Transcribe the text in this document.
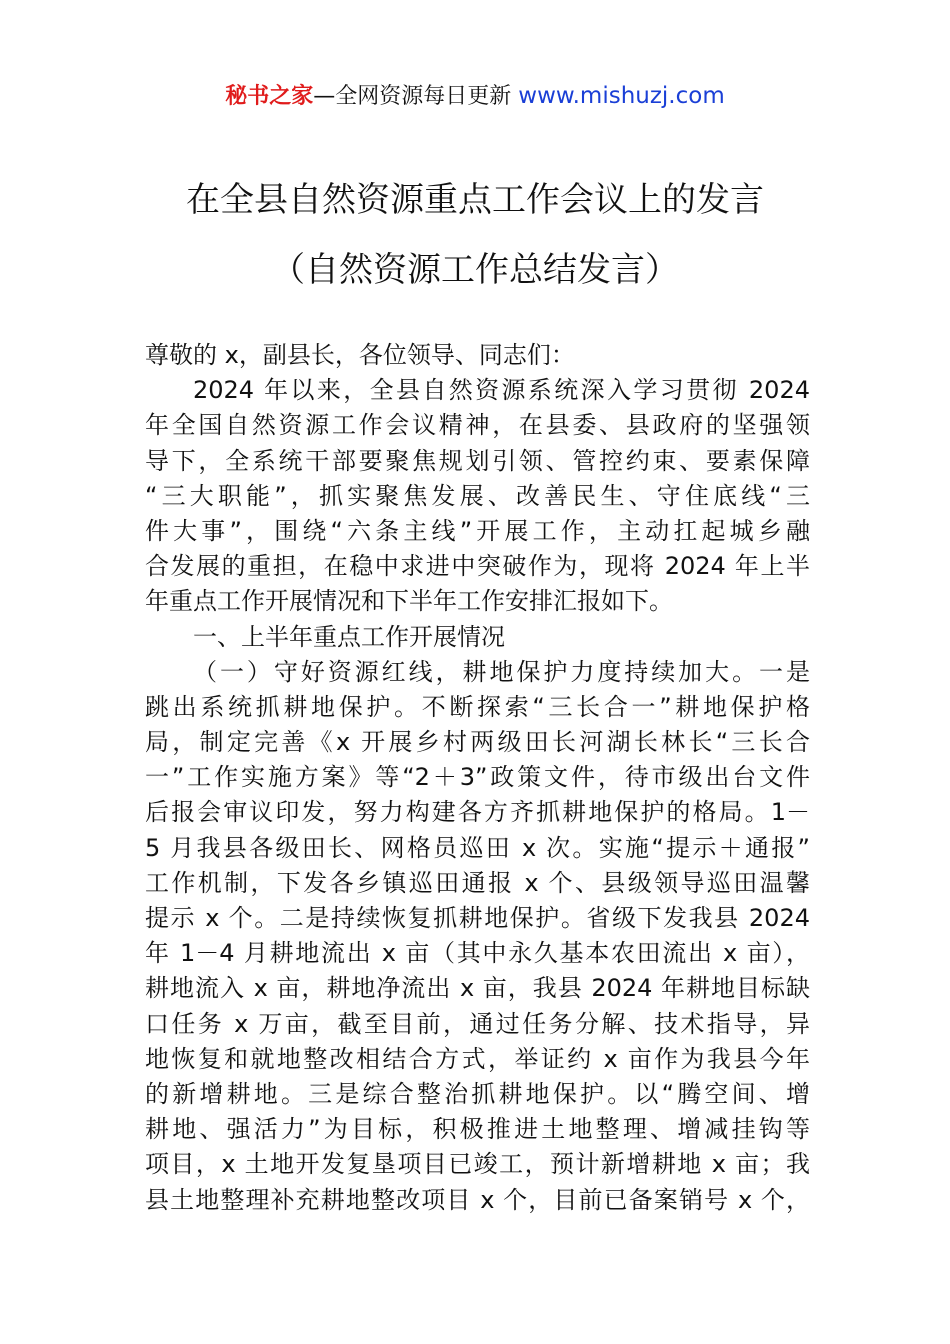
秘书之家—全网资源每日更新 www.mishuzj.com
在全县自然资源重点工作会议上的发言
（自然资源工作总结发言）
尊敬的 x，副县长，各位领导、同志们：
2024 年以来，全县自然资源系统深入学习贯彻 2024
年全国自然资源工作会议精神，在县委、县政府的坚强领
导下，全系统干部要聚焦规划引领、管控约束、要素保障
“三大职能”，抓实聚焦发展、改善民生、守住底线“三
件大事”，围绕“六条主线”开展工作，主动扛起城乡融
合发展的重担，在稳中求进中突破作为，现将 2024 年上半
年重点工作开展情况和下半年工作安排汇报如下。
一、上半年重点工作开展情况
（一）守好资源红线，耕地保护力度持续加大。一是
跳出系统抓耕地保护。不断探索“三长合一”耕地保护格
局，制定完善《x 开展乡村两级田长河湖长林长“三长合
一”工作实施方案》等“2＋3”政策文件，待市级出台文件
后报会审议印发，努力构建各方齐抓耕地保护的格局。1－
5 月我县各级田长、网格员巡田 x 次。实施“提示＋通报”
工作机制，下发各乡镇巡田通报 x 个、县级领导巡田温馨
提示 x 个。二是持续恢复抓耕地保护。省级下发我县 2024
年 1－4 月耕地流出 x 亩（其中永久基本农田流出 x 亩），
耕地流入 x 亩，耕地净流出 x 亩，我县 2024 年耕地目标缺
口任务 x 万亩，截至目前，通过任务分解、技术指导，异
地恢复和就地整改相结合方式，举证约 x 亩作为我县今年
的新增耕地。三是综合整治抓耕地保护。以“腾空间、增
耕地、强活力”为目标，积极推进土地整理、增减挂钩等
项目，x 土地开发复垦项目已竣工，预计新增耕地 x 亩；我
县土地整理补充耕地整改项目 x 个，目前已备案销号 x 个，
